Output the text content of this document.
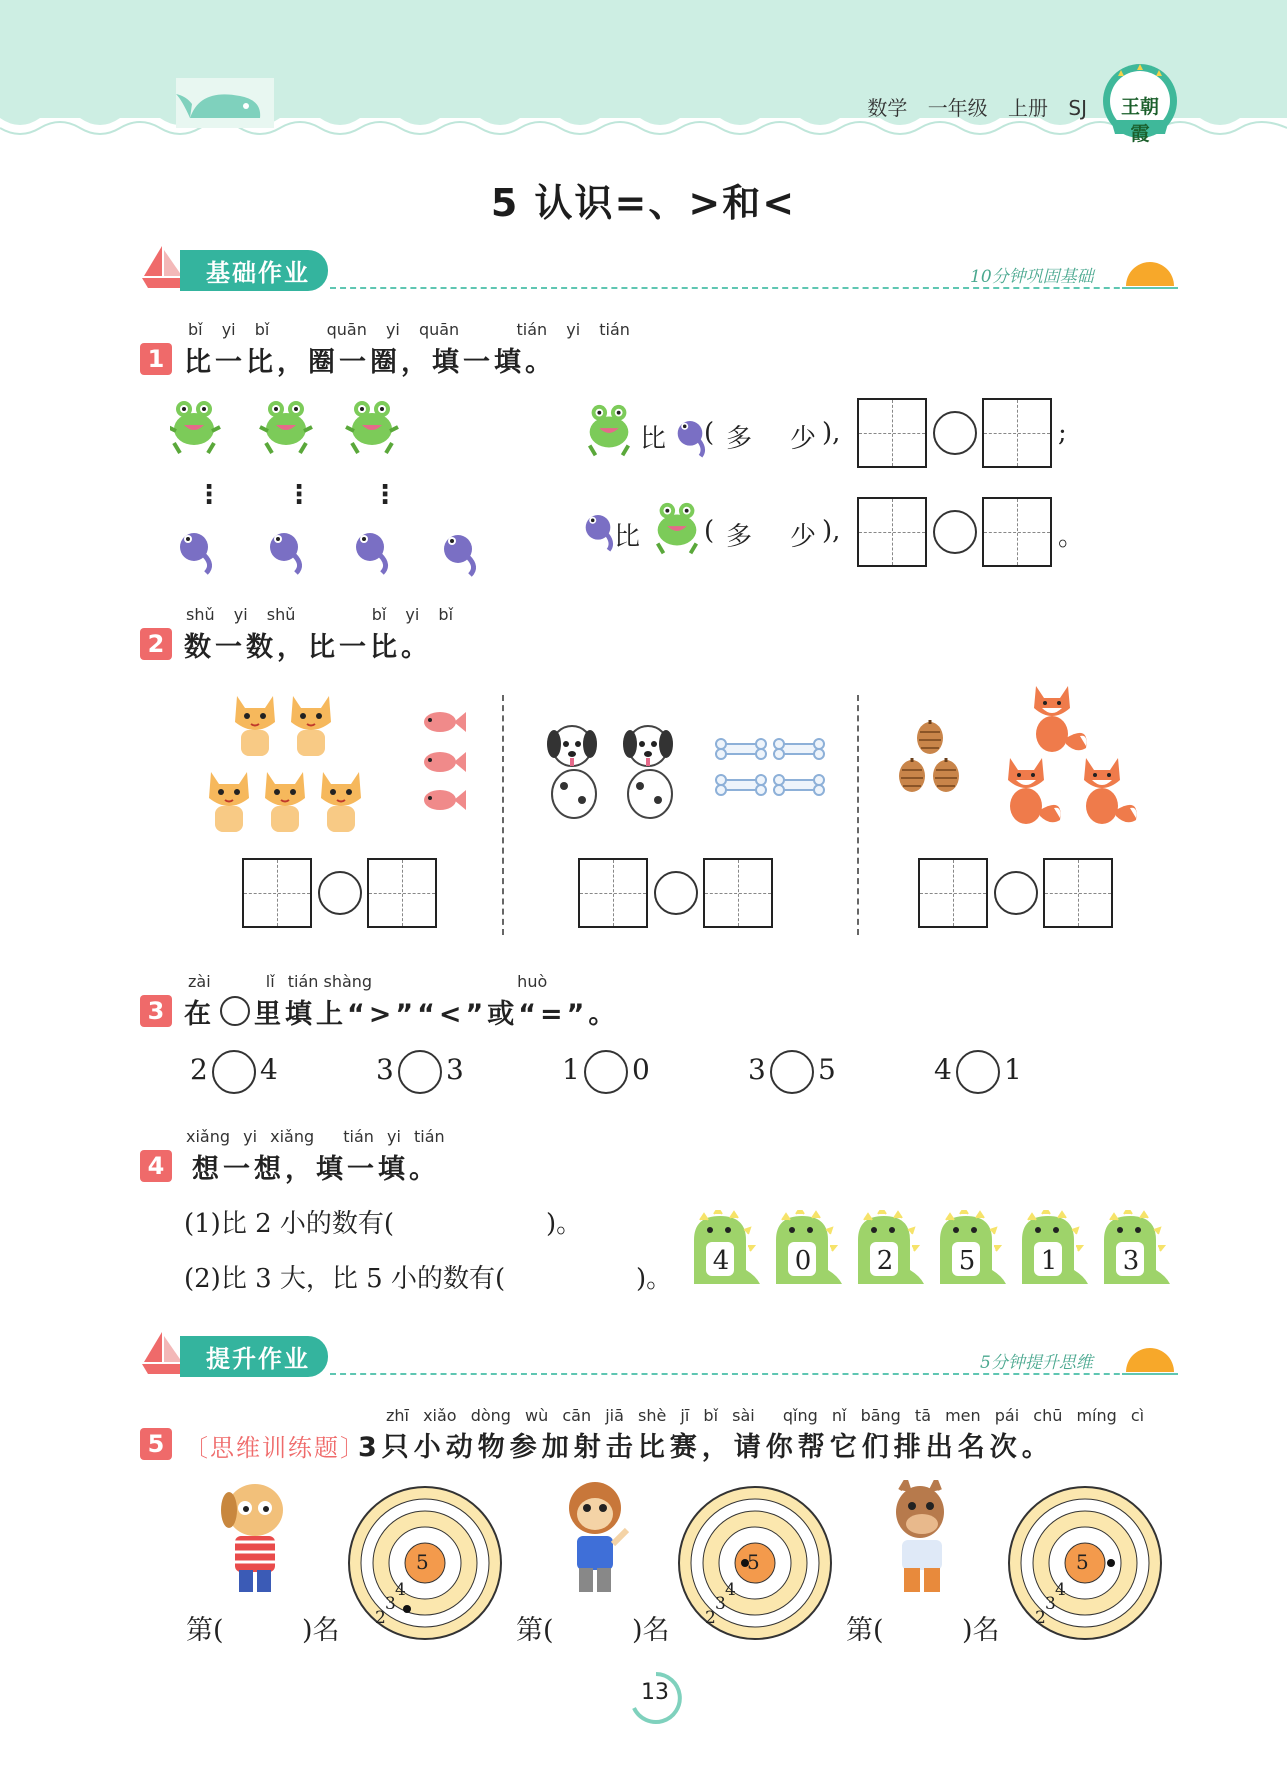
数学 一年级 上册 SJ	王朝霞
5 认识=、>和<
基础作业	10分钟巩固基础
1
bǐ yi bǐ	quān yi quān	tián yi tián
比一比，圈一圈，填一填。
⋮ ⋮ ⋮
比 ( 多 少 ),	;
比 ( 多 少 ),	。
2
shǔ yi shǔ	bǐ yi bǐ
数一数，比一比。
3
zài	lǐ tián shàng	huò
在 里填上“>”“<”或“=”。
2 4	3 3	1 0	3 5	4 1
4
xiǎng yi xiǎng tián yi tián
想一想，填一填。
(1)比 2 小的数有(	)。
(2)比 3 大，比 5 小的数有(	)。
4	0	2	5	1	3
提升作业	5分钟提升思维
5 〔思维训练题〕
zhī xiǎo dòng wù cān jiā shè jī bǐ sài qǐng nǐ bāng tā men pái chū míng cì
3只小动物参加射击比赛，请你帮它们排出名次。
5
4
3
2
5
4
3
2
5
4
3
2
第(	)名	第(	)名	第(	)名
13
